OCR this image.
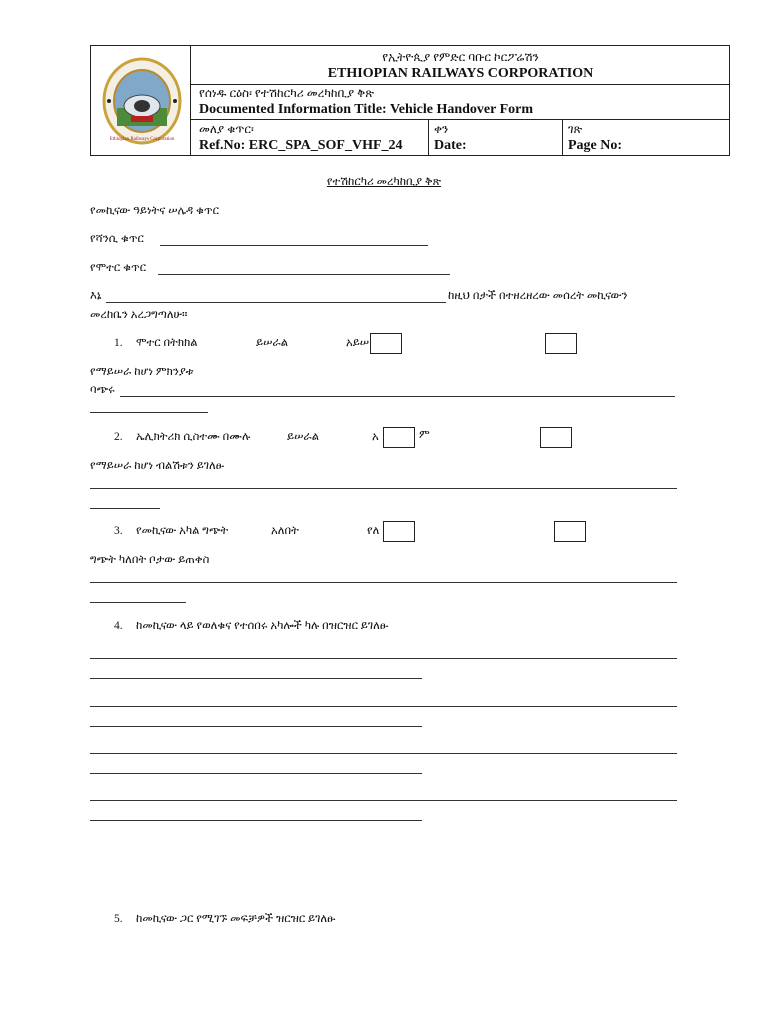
Ethiopian Railways Corporation
የኢትዮጲያ የምድር ባቡር ኮርፖሬሽን
ETHIOPIAN RAILWAYS CORPORATION
የሰነዱ ርዕስ፡ የተሽከርካሪ መረካከቢያ ቅጽ
Documented Information Title: Vehicle Handover Form
መለያ ቁጥር፡
Ref.No: ERC_SPA_SOF_VHF_24
ቀን
Date:
ገጽ
Page No:
የተሽከርካሪ መረካከቢያ ቅጽ
የመኪናው ዓይነትና ሠሌዳ ቁጥር
የሻንሲ ቁጥር
የሞተር ቁጥር
እኔ	ከዚህ በታች በተዘረዘረው መሰረት መኪናውን
መረከቤን አረጋግጣለሁ።
1. ሞተር በትክክል	ይሠራል	አይሠ
የማይሠራ ከሆነ ምክንያቱ
ባጭሩ
2. ኤሊክትሪክ ሲስተሙ በሙሉ	ይሠራል	አ	ም
የማይሠራ ከሆነ ብልሽቱን ይገለፁ
3. የመኪናው አካል ግጭት	አለበት	የለ
ግጭት ካለበት ቦታው ይጠቀስ
4. ከመኪናው ላይ የወለቁና የተሰበሩ አካሎች ካሉ በዝርዝር ይገለፁ
5. ከመኪናው ጋር የሚገኙ መፍቻዎች ዝርዝር ይገለፁ
